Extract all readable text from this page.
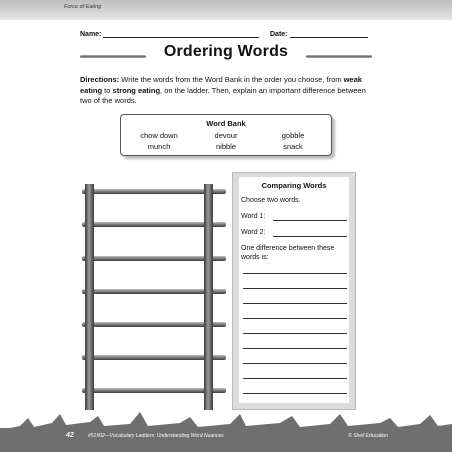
Force of Eating
Name:	Date:
Ordering Words
Directions: Write the words from the Word Bank in the order you choose, from weak eating to strong eating, on the ladder. Then, explain an important difference between two of the words.
Word Bank
chow down	devour	gobble
munch	nibble	snack
Comparing Words
Choose two words.
Word 1:
Word 2:
One difference between these
words is:
42	#51502—Vocabulary Ladders: Understanding Word Nuances	© Shell Education
